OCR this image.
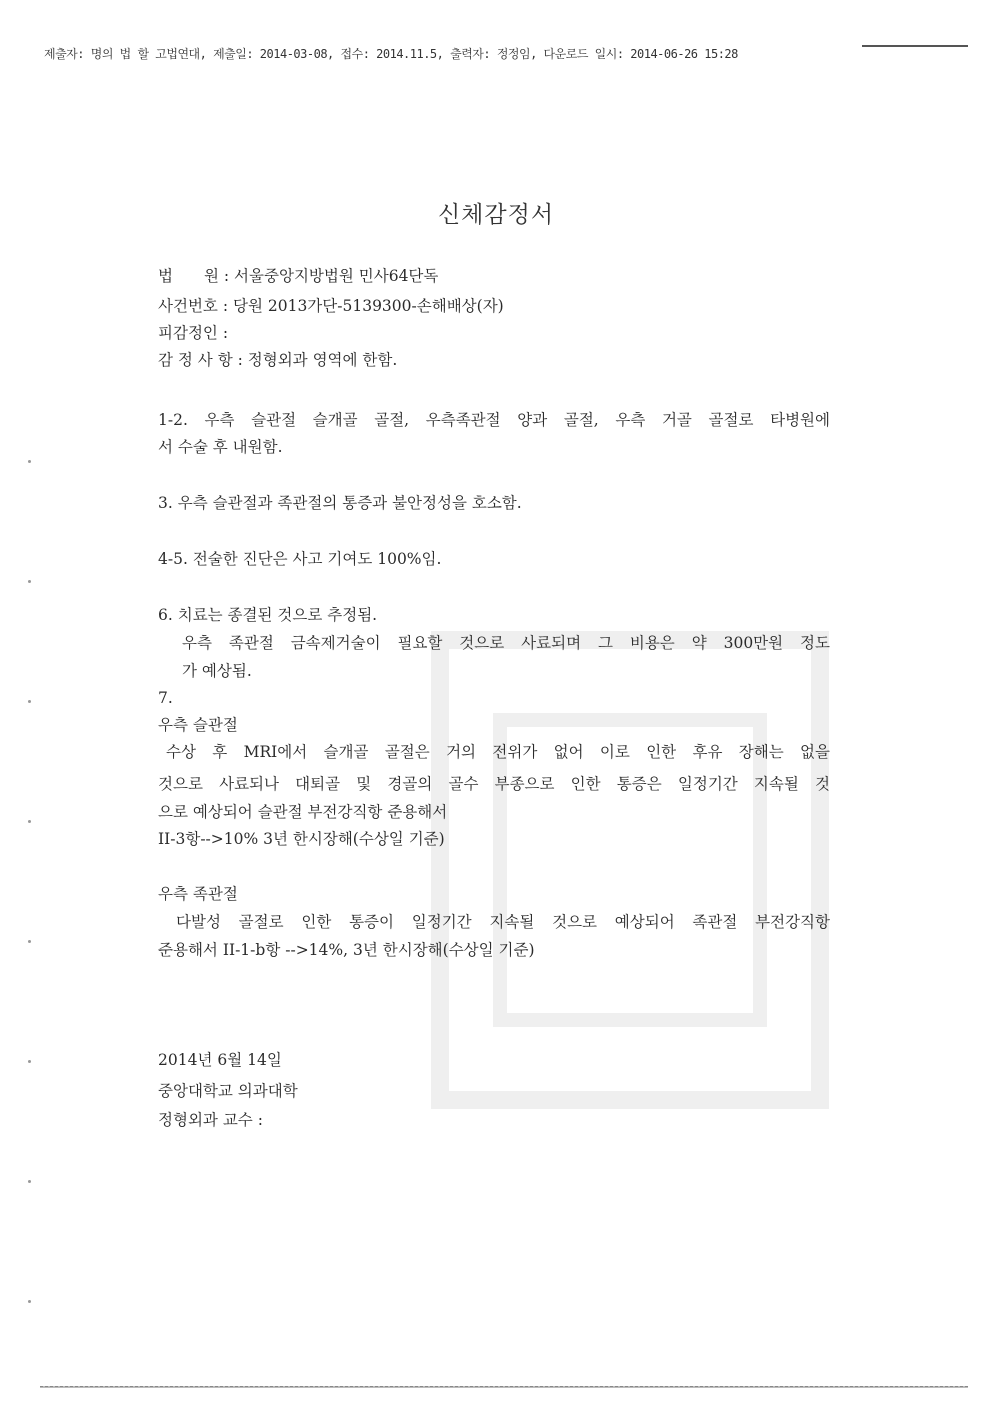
제출자: 명의 법 할 고법연대, 제출일: 2014-03-08, 접수: 2014.11.5, 출력자: 정정임, 다운로드 일시: 2014-06-26 15:28
신체감정서
법　　원 : 서울중앙지방법원 민사64단독
사건번호 : 당원 2013가단-5139300-손해배상(자)
피감정인 :
감 정 사 항 : 정형외과 영역에 한함.
1-2. 우측 슬관절 슬개골 골절, 우측족관절 양과 골절, 우측 거골 골절로 타병원에
서 수술 후 내원함.
3. 우측 슬관절과 족관절의 통증과 불안정성을 호소함.
4-5. 전술한 진단은 사고 기여도 100%임.
6. 치료는 종결된 것으로 추정됨.
우측 족관절 금속제거술이 필요할 것으로 사료되며 그 비용은 약 300만원 정도
가 예상됨.
7.
우측 슬관절
수상 후 MRI에서 슬개골 골절은 거의 전위가 없어 이로 인한 후유 장해는 없을
것으로 사료되나 대퇴골 및 경골의 골수 부종으로 인한 통증은 일정기간 지속될 것
으로 예상되어 슬관절 부전강직항 준용해서
II-3항-->10% 3년 한시장해(수상일 기준)
우측 족관절
다발성 골절로 인한 통증이 일정기간 지속될 것으로 예상되어 족관절 부전강직항
준용해서 II-1-b항 -->14%, 3년 한시장해(수상일 기준)
2014년 6월 14일
중앙대학교 의과대학
정형외과 교수 :
